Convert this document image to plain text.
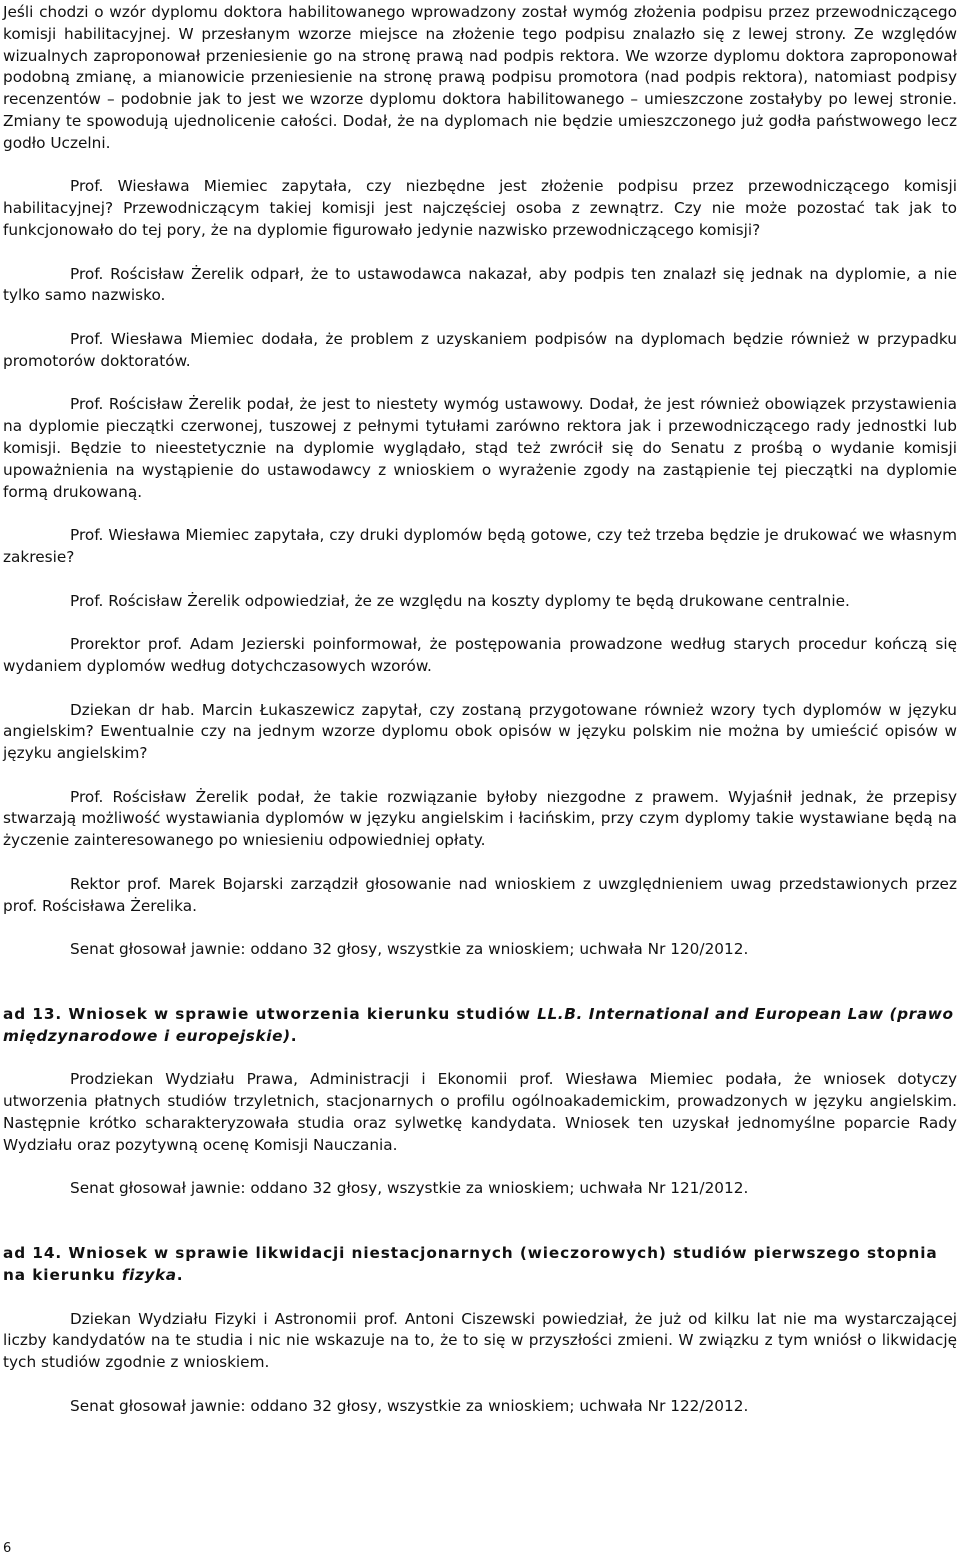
Jeśli chodzi o wzór dyplomu doktora habilitowanego wprowadzony został wymóg złożenia podpisu przez przewodniczącego komisji habilitacyjnej. W przesłanym wzorze miejsce na złożenie tego podpisu znalazło się z lewej strony. Ze względów wizualnych zaproponował przeniesienie go na stronę prawą nad podpis rektora. We wzorze dyplomu doktora zaproponował podobną zmianę, a mianowicie przeniesienie na stronę prawą podpisu promotora (nad podpis rektora), natomiast podpisy recenzentów – podobnie jak to jest we wzorze dyplomu doktora habilitowanego – umieszczone zostałyby po lewej stronie. Zmiany te spowodują ujednolicenie całości. Dodał, że na dyplomach nie będzie umieszczonego już godła państwowego lecz godło Uczelni.

Prof. Wiesława Miemiec zapytała, czy niezbędne jest złożenie podpisu przez przewodniczącego komisji habilitacyjnej? Przewodniczącym takiej komisji jest najczęściej osoba z zewnątrz. Czy nie może pozostać tak jak to funkcjonowało do tej pory, że na dyplomie figurowało jedynie nazwisko przewodniczącego komisji?

Prof. Rościsław Żerelik odparł, że to ustawodawca nakazał, aby podpis ten znalazł się jednak na dyplomie, a nie tylko samo nazwisko.

Prof. Wiesława Miemiec dodała, że problem z uzyskaniem podpisów na dyplomach będzie również w przypadku promotorów doktoratów.

Prof. Rościsław Żerelik podał, że jest to niestety wymóg ustawowy. Dodał, że jest również obowiązek przystawienia na dyplomie pieczątki czerwonej, tuszowej z pełnymi tytułami zarówno rektora jak i przewodniczącego rady jednostki lub komisji. Będzie to nieestetycznie na dyplomie wyglądało, stąd też zwrócił się do Senatu z prośbą o wydanie komisji upoważnienia na wystąpienie do ustawodawcy z wnioskiem o wyrażenie zgody na zastąpienie tej pieczątki na dyplomie formą drukowaną.

Prof. Wiesława Miemiec zapytała, czy druki dyplomów będą gotowe, czy też trzeba będzie je drukować we własnym zakresie?

Prof. Rościsław Żerelik odpowiedział, że ze względu na koszty dyplomy te będą drukowane centralnie.

Prorektor prof. Adam Jezierski poinformował, że postępowania prowadzone według starych procedur kończą się wydaniem dyplomów według dotychczasowych wzorów.

Dziekan dr hab. Marcin Łukaszewicz zapytał, czy zostaną przygotowane również wzory tych dyplomów w języku angielskim? Ewentualnie czy na jednym wzorze dyplomu obok opisów w języku polskim nie można by umieścić opisów w języku angielskim?

Prof. Rościsław Żerelik podał, że takie rozwiązanie byłoby niezgodne z prawem. Wyjaśnił jednak, że przepisy stwarzają możliwość wystawiania dyplomów w języku angielskim i łacińskim, przy czym dyplomy takie wystawiane będą na życzenie zainteresowanego po wniesieniu odpowiedniej opłaty.

Rektor prof. Marek Bojarski zarządził głosowanie nad wnioskiem z uwzględnieniem uwag przedstawionych przez prof. Rościsława Żerelika.

Senat głosował jawnie: oddano 32 głosy, wszystkie za wnioskiem; uchwała Nr 120/2012.

ad 13. Wniosek w sprawie utworzenia kierunku studiów LL.B. International and European Law (prawo międzynarodowe i europejskie).

Prodziekan Wydziału Prawa, Administracji i Ekonomii prof. Wiesława Miemiec podała, że wniosek dotyczy utworzenia płatnych studiów trzyletnich, stacjonarnych o profilu ogólnoakademickim, prowadzonych w języku angielskim. Następnie krótko scharakteryzowała studia oraz sylwetkę kandydata. Wniosek ten uzyskał jednomyślne poparcie Rady Wydziału oraz pozytywną ocenę Komisji Nauczania.

Senat głosował jawnie: oddano 32 głosy, wszystkie za wnioskiem; uchwała Nr 121/2012.

ad 14. Wniosek w sprawie likwidacji niestacjonarnych (wieczorowych) studiów pierwszego stopnia na kierunku fizyka.

Dziekan Wydziału Fizyki i Astronomii prof. Antoni Ciszewski powiedział, że już od kilku lat nie ma wystarczającej liczby kandydatów na te studia i nic nie wskazuje na to, że to się w przyszłości zmieni. W związku z tym wniósł o likwidację tych studiów zgodnie z wnioskiem.

Senat głosował jawnie: oddano 32 głosy, wszystkie za wnioskiem; uchwała Nr 122/2012.

6
